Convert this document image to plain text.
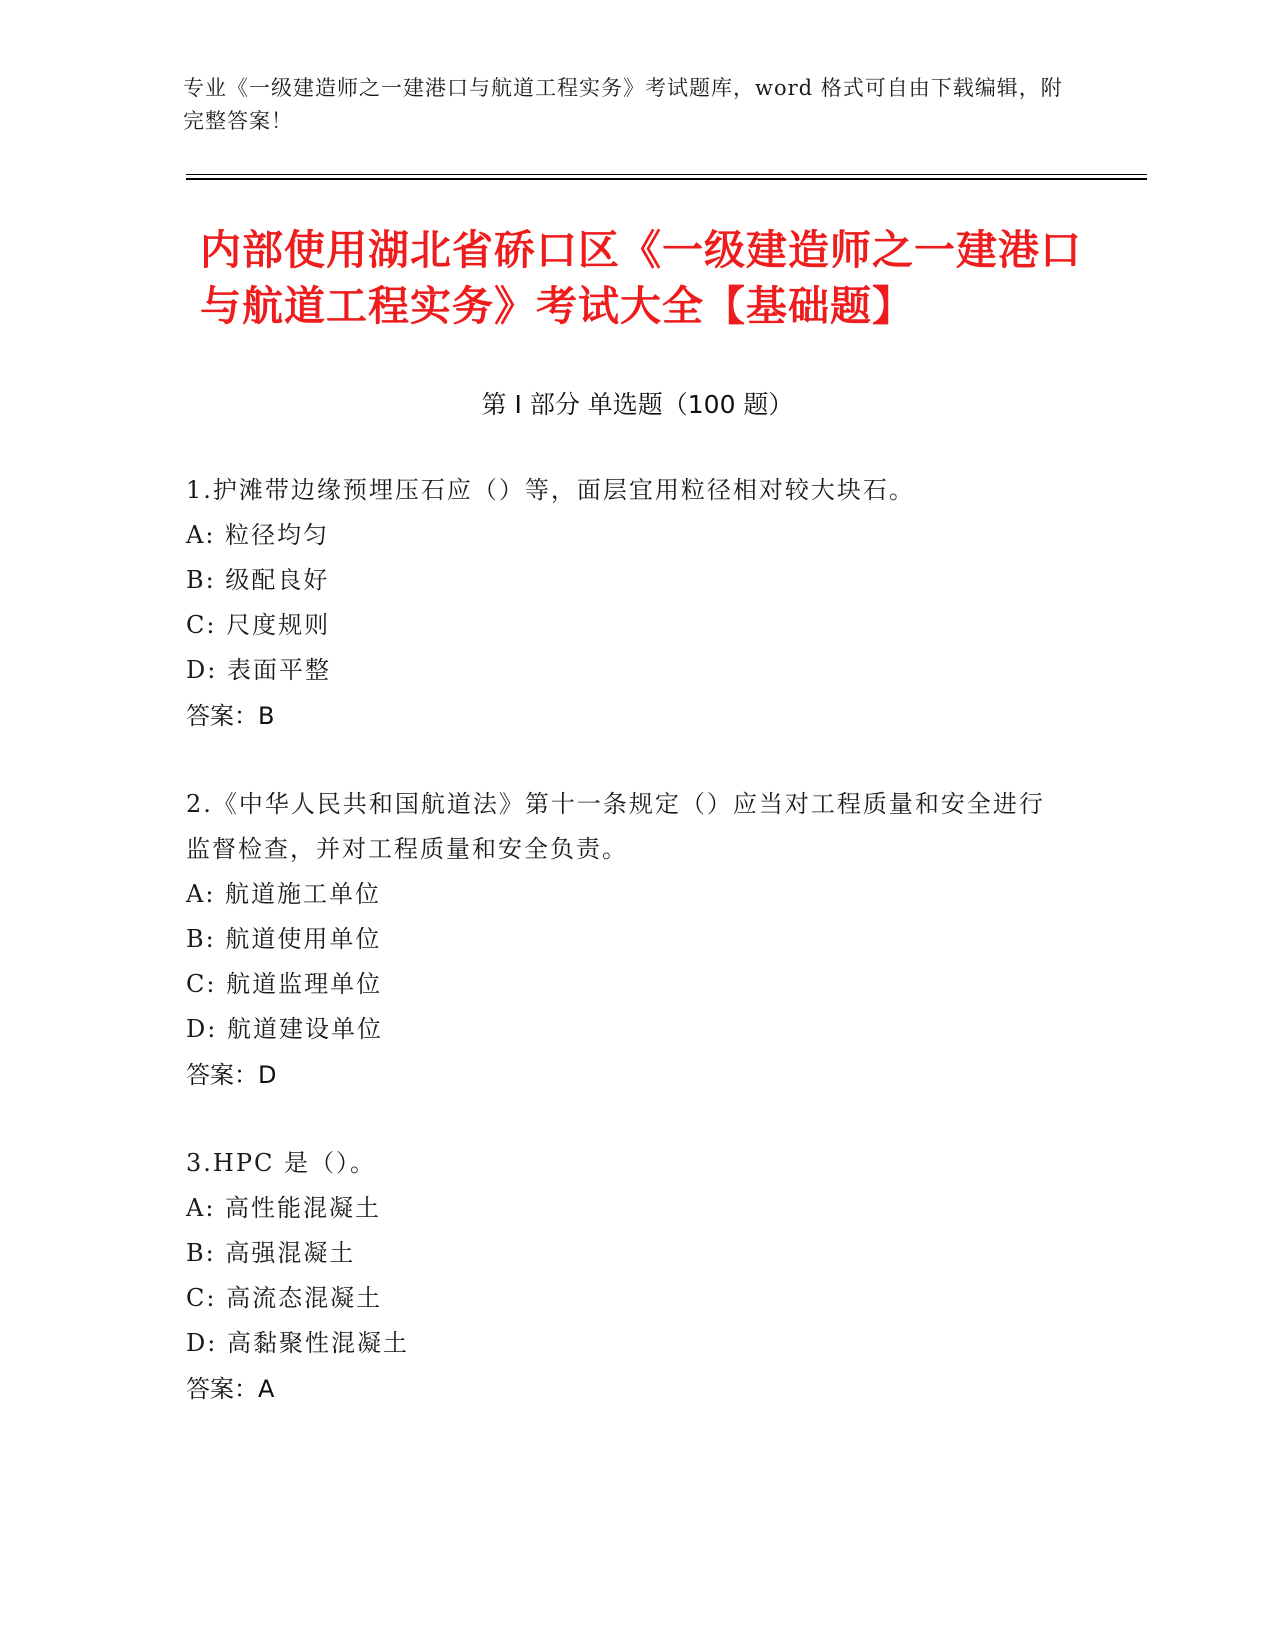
专业《一级建造师之一建港口与航道工程实务》考试题库，word 格式可自由下载编辑，附完整答案！
内部使用湖北省硚口区《一级建造师之一建港口与航道工程实务》考试大全【基础题】
第 I 部分 单选题（100 题）

1.护滩带边缘预埋压石应（）等，面层宜用粒径相对较大块石。

A: 粒径均匀

B: 级配良好

C: 尺度规则

D: 表面平整

答案：B

2.《中华人民共和国航道法》第十一条规定（）应当对工程质量和安全进行监督检查，并对工程质量和安全负责。

A: 航道施工单位

B: 航道使用单位

C: 航道监理单位

D: 航道建设单位

答案：D

3.HPC 是（）。

A: 高性能混凝土

B: 高强混凝土

C: 高流态混凝土

D: 高黏聚性混凝土

答案：A
